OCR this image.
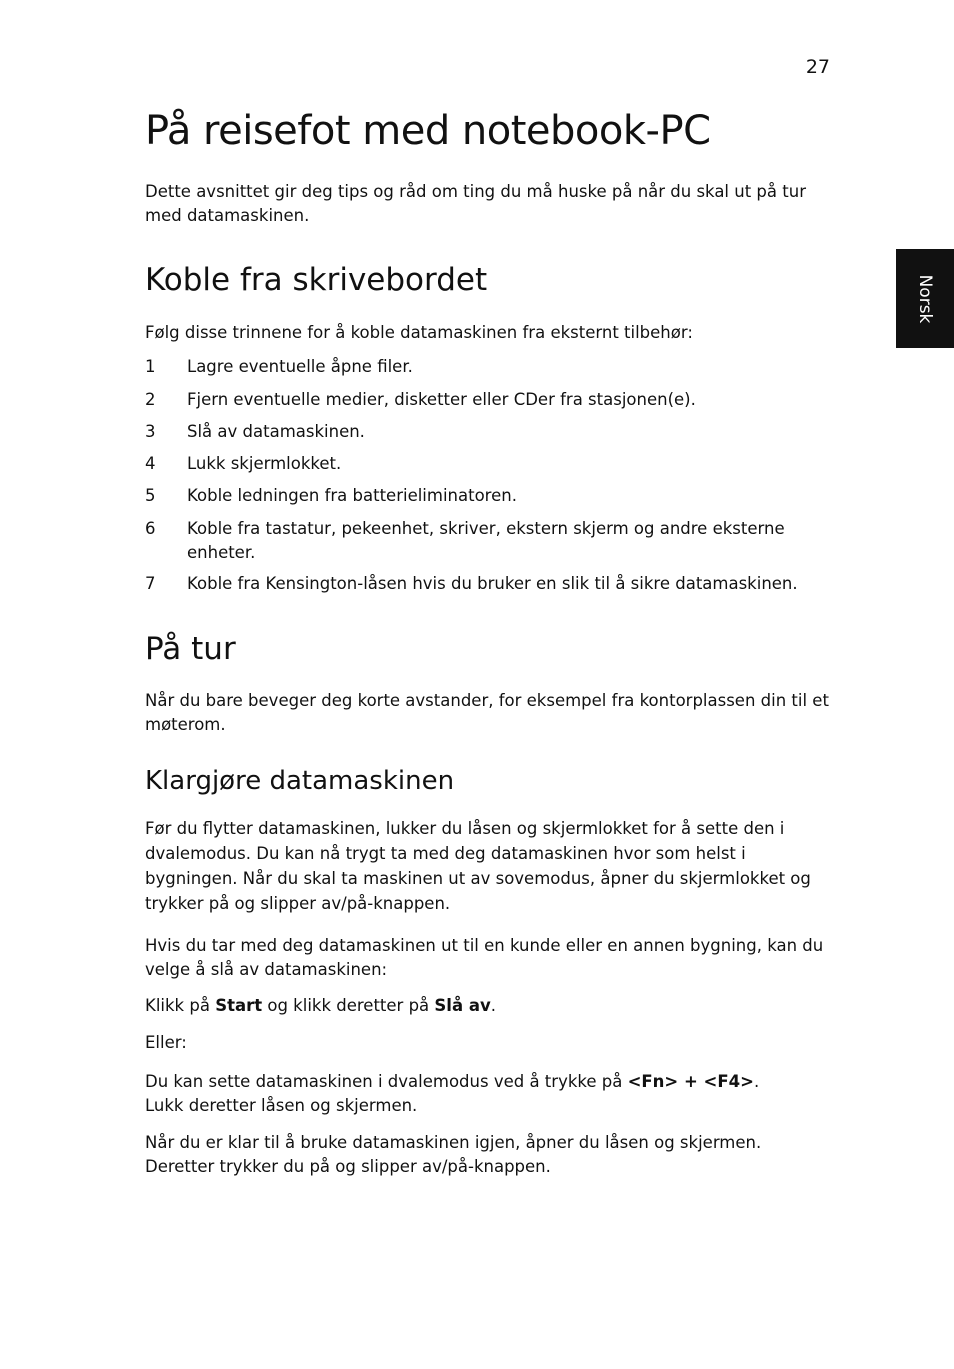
27
Norsk
På reisefot med notebook-PC
Dette avsnittet gir deg tips og råd om ting du må huske på når du skal ut på tur med datamaskinen.
Koble fra skrivebordet
Følg disse trinnene for å koble datamaskinen fra eksternt tilbehør:
1	Lagre eventuelle åpne filer.
2	Fjern eventuelle medier, disketter eller CDer fra stasjonen(e).
3	Slå av datamaskinen.
4	Lukk skjermlokket.
5	Koble ledningen fra batterieliminatoren.
6	Koble fra tastatur, pekeenhet, skriver, ekstern skjerm og andre eksterne enheter.
7	Koble fra Kensington-låsen hvis du bruker en slik til å sikre datamaskinen.
På tur
Når du bare beveger deg korte avstander, for eksempel fra kontorplassen din til et møterom.
Klargjøre datamaskinen
Før du flytter datamaskinen, lukker du låsen og skjermlokket for å sette den i dvalemodus. Du kan nå trygt ta med deg datamaskinen hvor som helst i bygningen. Når du skal ta maskinen ut av sovemodus, åpner du skjermlokket og trykker på og slipper av/på-knappen.
Hvis du tar med deg datamaskinen ut til en kunde eller en annen bygning, kan du velge å slå av datamaskinen:
Klikk på Start og klikk deretter på Slå av.
Eller:
Du kan sette datamaskinen i dvalemodus ved å trykke på <Fn> + <F4>.
Lukk deretter låsen og skjermen.
Når du er klar til å bruke datamaskinen igjen, åpner du låsen og skjermen. Deretter trykker du på og slipper av/på-knappen.
